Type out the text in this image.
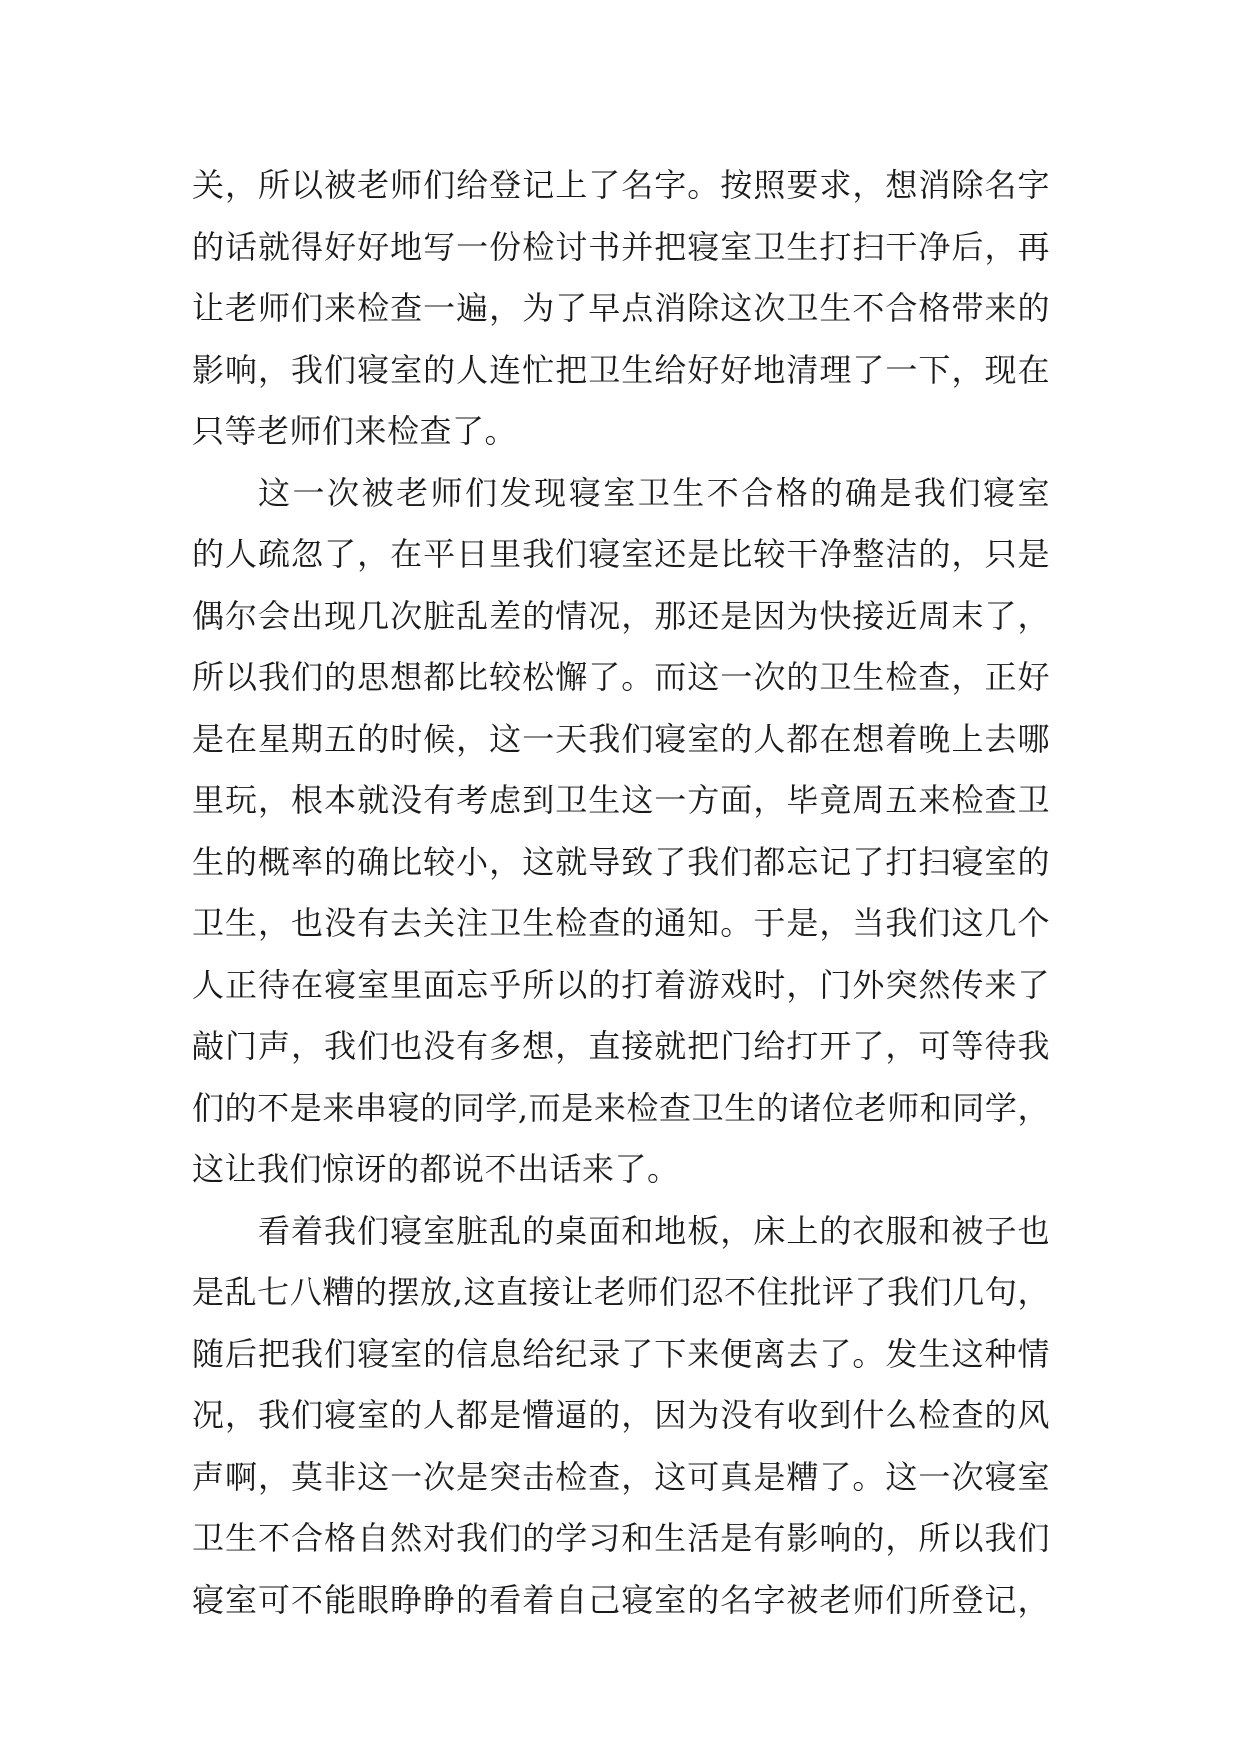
关，所以被老师们给登记上了名字。按照要求，想消除名字
的话就得好好地写一份检讨书并把寝室卫生打扫干净后，再
让老师们来检查一遍，为了早点消除这次卫生不合格带来的
影响，我们寝室的人连忙把卫生给好好地清理了一下，现在
只等老师们来检查了。
这一次被老师们发现寝室卫生不合格的确是我们寝室
的人疏忽了，在平日里我们寝室还是比较干净整洁的，只是
偶尔会出现几次脏乱差的情况，那还是因为快接近周末了，
所以我们的思想都比较松懈了。而这一次的卫生检查，正好
是在星期五的时候，这一天我们寝室的人都在想着晚上去哪
里玩，根本就没有考虑到卫生这一方面，毕竟周五来检查卫
生的概率的确比较小，这就导致了我们都忘记了打扫寝室的
卫生，也没有去关注卫生检查的通知。于是，当我们这几个
人正待在寝室里面忘乎所以的打着游戏时，门外突然传来了
敲门声，我们也没有多想，直接就把门给打开了，可等待我
们的不是来串寝的同学,而是来检查卫生的诸位老师和同学，
这让我们惊讶的都说不出话来了。
看着我们寝室脏乱的桌面和地板，床上的衣服和被子也
是乱七八糟的摆放,这直接让老师们忍不住批评了我们几句，
随后把我们寝室的信息给纪录了下来便离去了。发生这种情
况，我们寝室的人都是懵逼的，因为没有收到什么检查的风
声啊，莫非这一次是突击检查，这可真是糟了。这一次寝室
卫生不合格自然对我们的学习和生活是有影响的，所以我们
寝室可不能眼睁睁的看着自己寝室的名字被老师们所登记，
